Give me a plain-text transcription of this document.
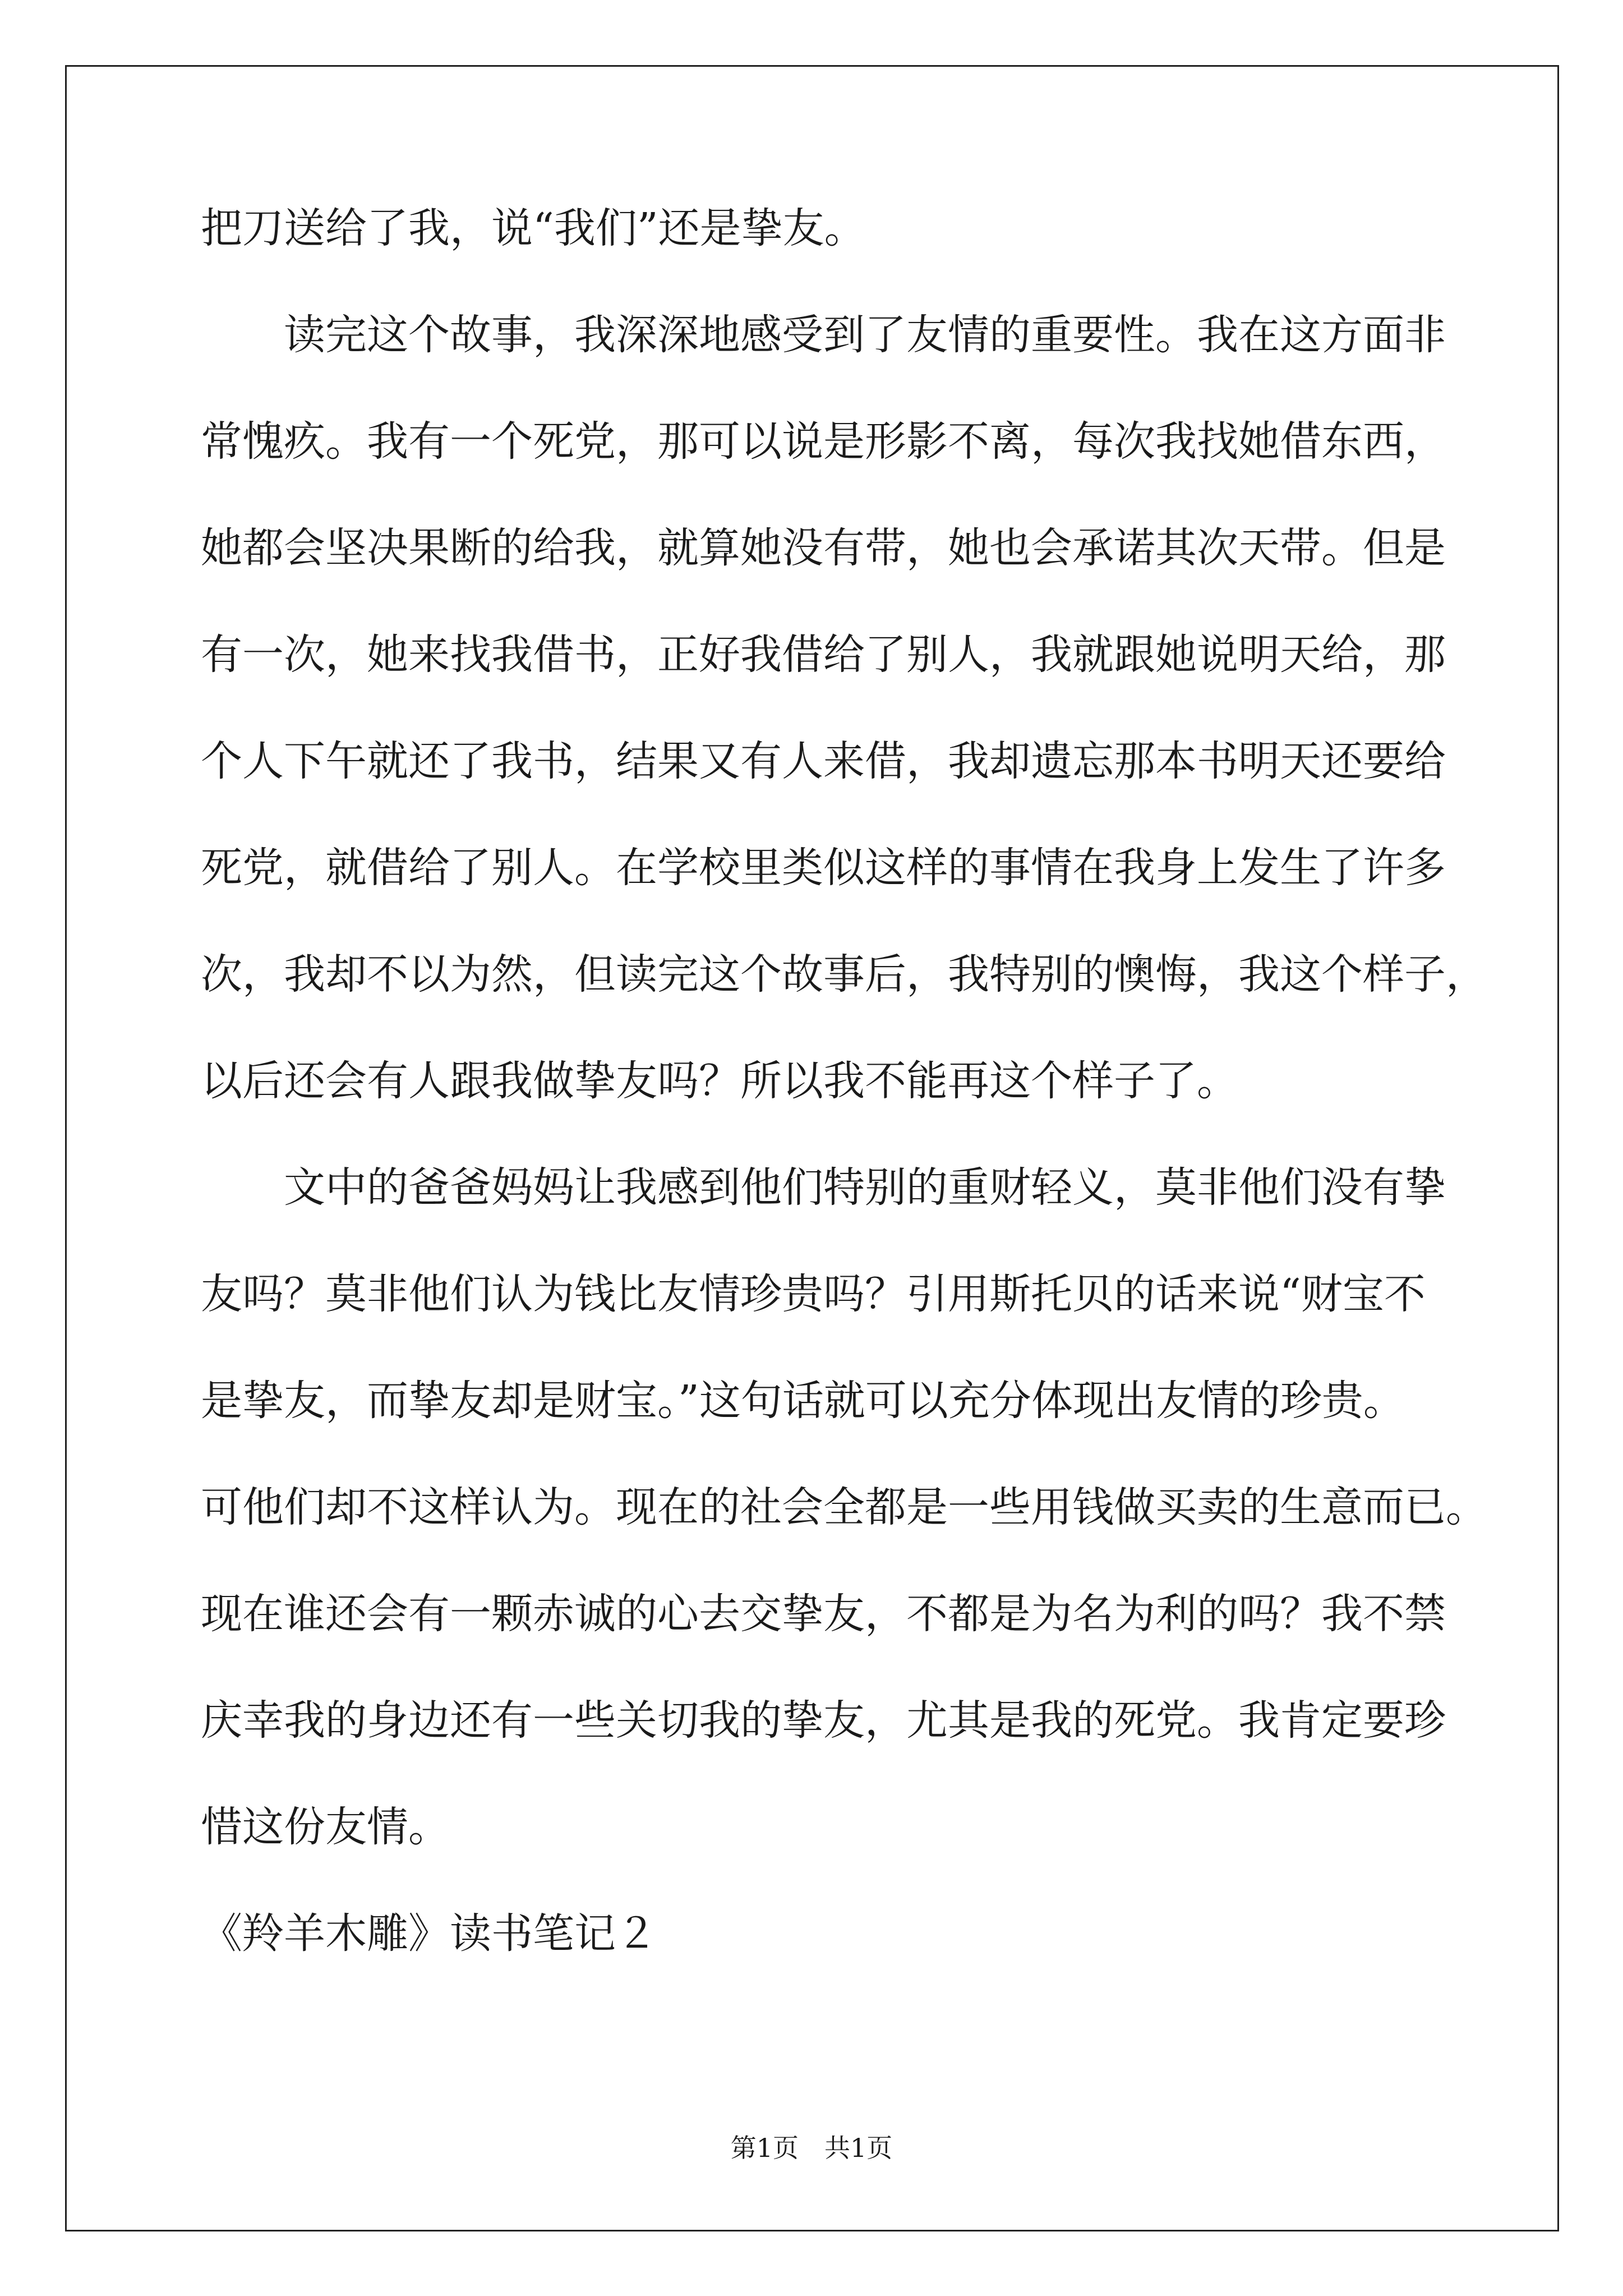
把刀送给了我，说“我们”还是挚友。
　　读完这个故事，我深深地感受到了友情的重要性。我在这方面非
常愧疚。我有一个死党，那可以说是形影不离，每次我找她借东西，
她都会坚决果断的给我，就算她没有带，她也会承诺其次天带。但是
有一次，她来找我借书，正好我借给了别人，我就跟她说明天给，那
个人下午就还了我书，结果又有人来借，我却遗忘那本书明天还要给
死党，就借给了别人。在学校里类似这样的事情在我身上发生了许多
次，我却不以为然，但读完这个故事后，我特别的懊悔，我这个样子，
以后还会有人跟我做挚友吗？所以我不能再这个样子了。
　　文中的爸爸妈妈让我感到他们特别的重财轻义，莫非他们没有挚
友吗？莫非他们认为钱比友情珍贵吗？引用斯托贝的话来说“财宝不
是挚友，而挚友却是财宝。”这句话就可以充分体现出友情的珍贵。
可他们却不这样认为。现在的社会全都是一些用钱做买卖的生意而已。
现在谁还会有一颗赤诚的心去交挚友，不都是为名为利的吗？我不禁
庆幸我的身边还有一些关切我的挚友，尤其是我的死党。我肯定要珍
惜这份友情。
《羚羊木雕》读书笔记２
第1页 共1页
